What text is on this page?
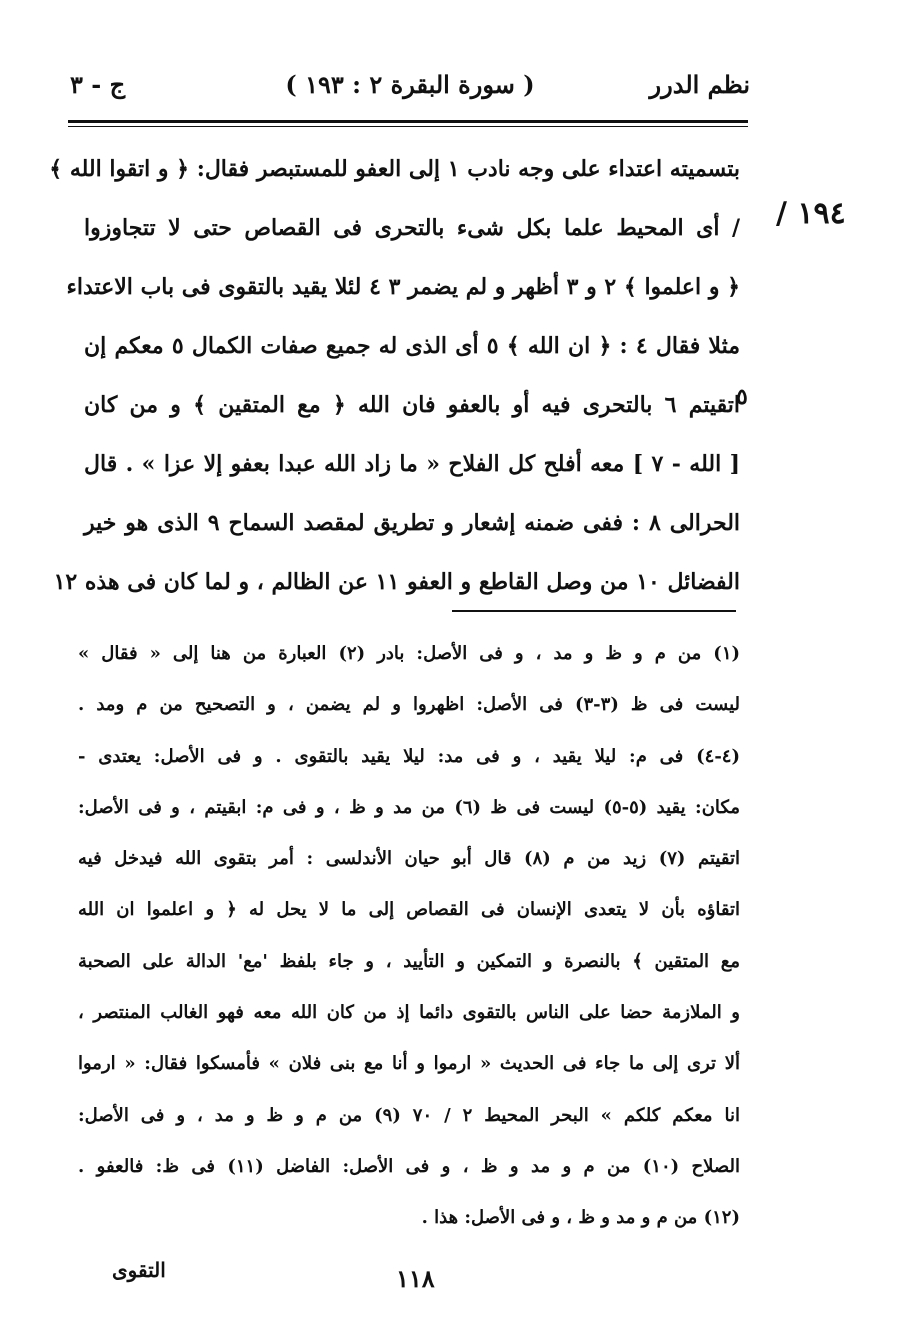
نظم الدرر
( سورة البقرة ٢ : ١٩٣ )
ج - ٣
١٩٤ /
٥
بتسميته اعتداء على وجه نادب ١ إلى العفو للمستبصر فقال: ﴿ و اتقوا الله ﴾
/ أى المحيط علما بكل شىء بالتحرى فى القصاص حتى لا تتجاوزوا
﴿ و اعلموا ﴾ ٢ و ٣ أظهر و لم يضمر ٣ ٤ لئلا يقيد بالتقوى فى باب الاعتداء
مثلا فقال ٤ : ﴿ ان الله ﴾ ٥ أى الذى له جميع صفات الكمال ٥ معكم إن
اتقيتم ٦ بالتحرى فيه أو بالعفو فان الله ﴿ مع المتقين ﴾ و من كان
[ الله - ٧ ] معه أفلح كل الفلاح « ما زاد الله عبدا بعفو إلا عزا » . قال
الحرالى ٨ : ففى ضمنه إشعار و تطريق لمقصد السماح ٩ الذى هو خير
الفضائل ١٠ من وصل القاطع و العفو ١١ عن الظالم ، و لما كان فى هذه ١٢
(١) من م و ظ و مد ، و فى الأصل: بادر (٢) العبارة من هنا إلى « فقال »
ليست فى ظ (٣-٣) فى الأصل: اظهروا و لم يضمن ، و التصحيح من م ومد .
(٤-٤) فى م: ليلا يقيد ، و فى مد: ليلا يقيد بالتقوى . و فى الأصل: يعتدى -
مكان: يقيد (٥-٥) ليست فى ظ (٦) من مد و ظ ، و فى م: ابقيتم ، و فى الأصل:
اتقيتم (٧) زيد من م (٨) قال أبو حيان الأندلسى : أمر بتقوى الله فيدخل فيه
اتقاؤه بأن لا يتعدى الإنسان فى القصاص إلى ما لا يحل له ﴿ و اعلموا ان الله
مع المتقين ﴾ بالنصرة و التمكين و التأييد ، و جاء بلفظ 'مع' الدالة على الصحبة
و الملازمة حضا على الناس بالتقوى دائما إذ من كان الله معه فهو الغالب المنتصر ،
ألا ترى إلى ما جاء فى الحديث « ارموا و أنا مع بنى فلان » فأمسكوا فقال: « ارموا
انا معكم كلكم » البحر المحيط ٢ / ٧٠ (٩) من م و ظ و مد ، و فى الأصل:
الصلاح (١٠) من م و مد و ظ ، و فى الأصل: الفاضل (١١) فى ظ: فالعفو .
(١٢) من م و مد و ظ ، و فى الأصل: هذا .
١١٨
التقوى
